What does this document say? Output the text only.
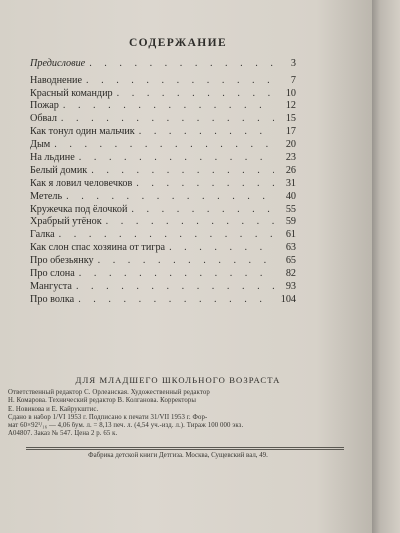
СОДЕРЖАНИЕ
Предисловие . . .	3
Наводнение . . .	7
Красный командир . . .	10
Пожар . . .	12
Обвал . . .	15
Как тонул один мальчик . . .	17
Дым . . .	20
На льдине . . .	23
Белый домик . . .	26
Как я ловил человечков . . .	31
Метель . . .	40
Кружечка под ёлочкой . . .	55
Храбрый утёнок . . .	59
Галка . . .	61
Как слон спас хозяина от тигра . . .	63
Про обезьянку . . .	65
Про слона . . .	82
Мангуста . . .	93
Про волка . . .	104
ДЛЯ МЛАДШЕГО ШКОЛЬНОГО ВОЗРАСТА
Ответственный редактор С. Орлеанская. Художественный редактор
Н. Комарова. Технический редактор В. Колганова. Корректоры
Е. Новикова и Е. Кайрукштис.
Сдано в набор 1/VI 1953 г. Подписано к печати 31/VII 1953 г. Фор-
мат 60×92¹/₁₆ — 4,06 бум. л. = 8,13 печ. л. (4,54 уч.-изд. л.). Тираж 100 000 экз.
А04807. Заказ № 547. Цена 2 р. 65 к.
Фабрика детской книги Детгиза. Москва, Сущевский вал, 49.
